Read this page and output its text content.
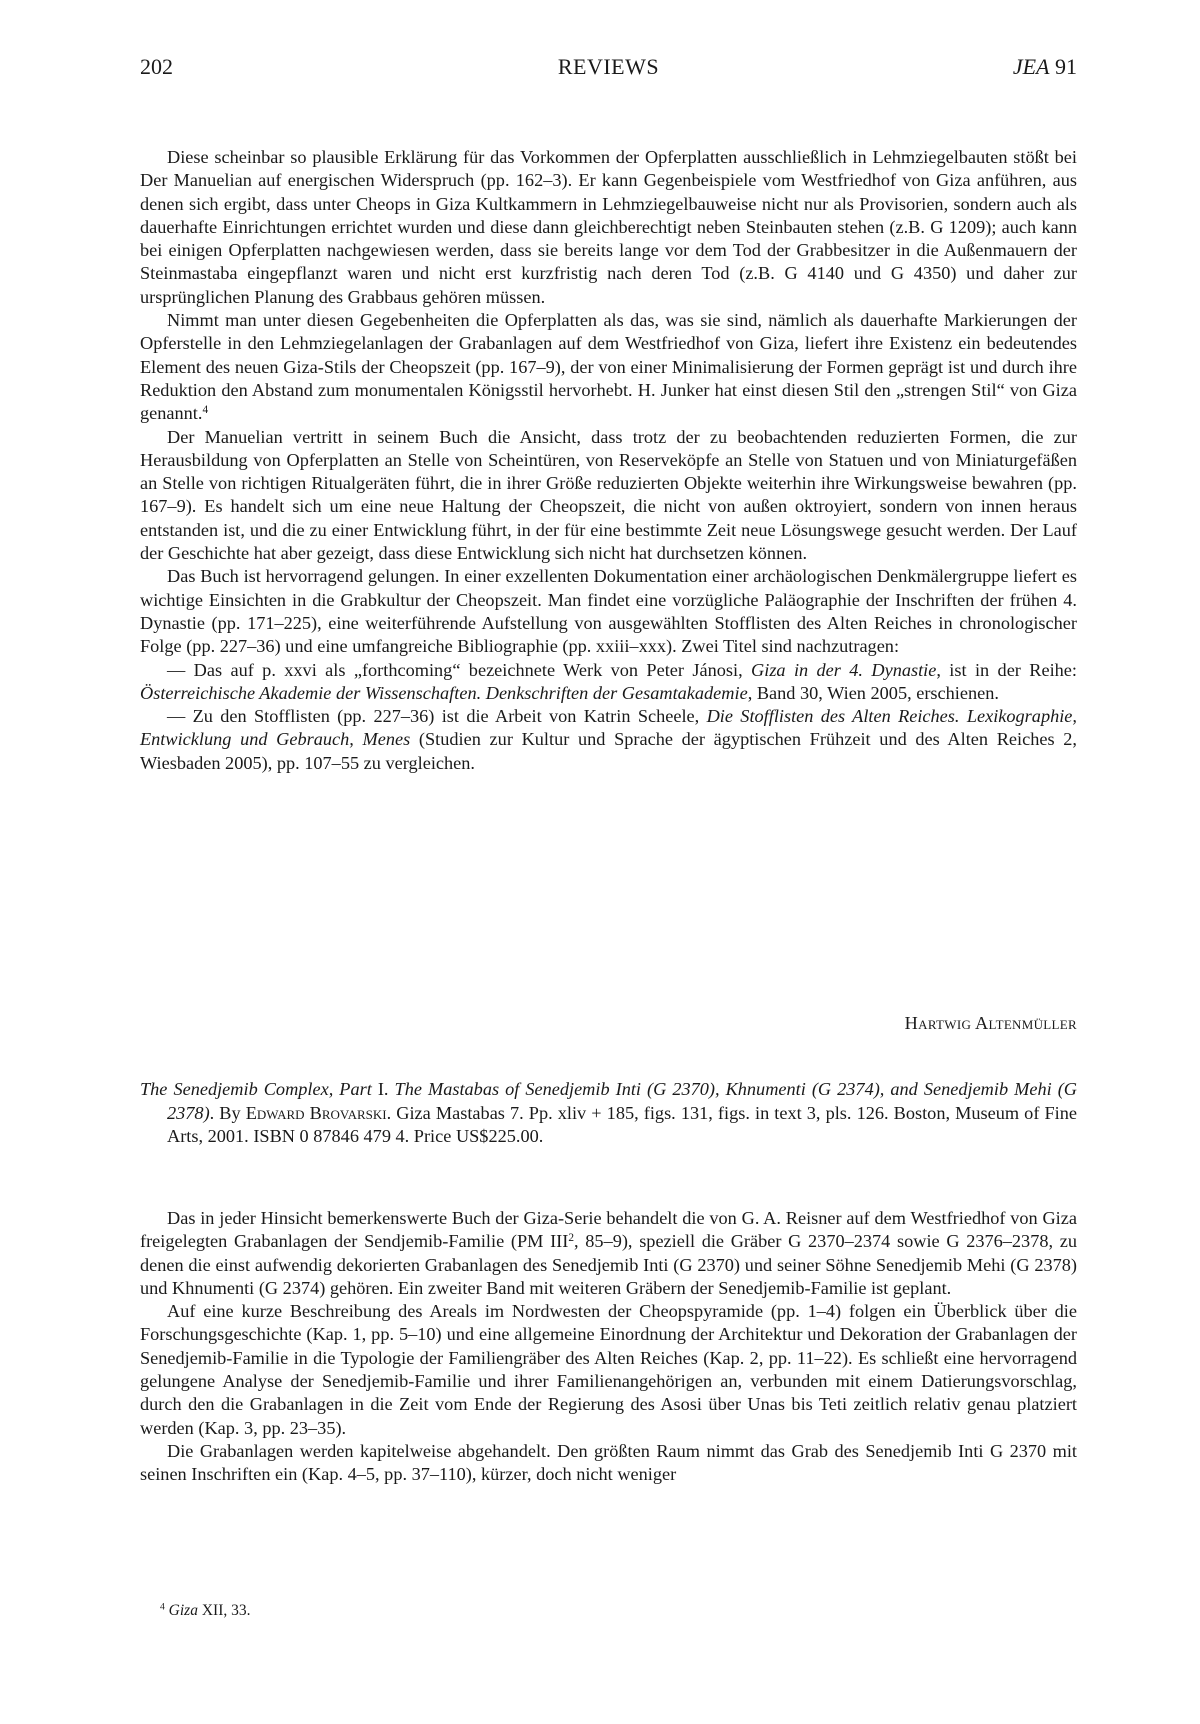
202	REVIEWS	JEA 91

Diese scheinbar so plausible Erklärung für das Vorkommen der Opferplatten ausschließlich in Lehmziegelbauten stößt bei Der Manuelian auf energischen Widerspruch (pp. 162–3). Er kann Gegenbeispiele vom Westfriedhof von Giza anführen, aus denen sich ergibt, dass unter Cheops in Giza Kultkammern in Lehmziegelbauweise nicht nur als Provisorien, sondern auch als dauerhafte Einrichtungen errichtet wurden und diese dann gleichberechtigt neben Steinbauten stehen (z.B. G 1209); auch kann bei einigen Opferplatten nachgewiesen werden, dass sie bereits lange vor dem Tod der Grabbesitzer in die Außenmauern der Steinmastaba eingepflanzt waren und nicht erst kurzfristig nach deren Tod (z.B. G 4140 und G 4350) und daher zur ursprünglichen Planung des Grabbaus gehören müssen.

Nimmt man unter diesen Gegebenheiten die Opferplatten als das, was sie sind, nämlich als dauerhafte Markierungen der Opferstelle in den Lehmziegelanlagen der Grabanlagen auf dem Westfriedhof von Giza, liefert ihre Existenz ein bedeutendes Element des neuen Giza-Stils der Cheopszeit (pp. 167–9), der von einer Minimalisierung der Formen geprägt ist und durch ihre Reduktion den Abstand zum monumentalen Königsstil hervorhebt. H. Junker hat einst diesen Stil den „strengen Stil“ von Giza genannt.$^4$

Der Manuelian vertritt in seinem Buch die Ansicht, dass trotz der zu beobachtenden reduzierten Formen, die zur Herausbildung von Opferplatten an Stelle von Scheintüren, von Reserveköpfe an Stelle von Statuen und von Miniaturgefäßen an Stelle von richtigen Ritualgeräten führt, die in ihrer Größe reduzierten Objekte weiterhin ihre Wirkungsweise bewahren (pp. 167–9). Es handelt sich um eine neue Haltung der Cheopszeit, die nicht von außen oktroyiert, sondern von innen heraus entstanden ist, und die zu einer Entwicklung führt, in der für eine bestimmte Zeit neue Lösungswege gesucht werden. Der Lauf der Geschichte hat aber gezeigt, dass diese Entwicklung sich nicht hat durchsetzen können.

Das Buch ist hervorragend gelungen. In einer exzellenten Dokumentation einer archäologischen Denkmälergruppe liefert es wichtige Einsichten in die Grabkultur der Cheopszeit. Man findet eine vorzügliche Paläographie der Inschriften der frühen 4. Dynastie (pp. 171–225), eine weiterführende Aufstellung von ausgewählten Stofflisten des Alten Reiches in chronologischer Folge (pp. 227–36) und eine umfangreiche Bibliographie (pp. xxiii–xxx). Zwei Titel sind nachzutragen:

— Das auf p. xxvi als „forthcoming“ bezeichnete Werk von Peter Jánosi, Giza in der 4. Dynastie, ist in der Reihe: Österreichische Akademie der Wissenschaften. Denkschriften der Gesamtakademie, Band 30, Wien 2005, erschienen.

— Zu den Stofflisten (pp. 227–36) ist die Arbeit von Katrin Scheele, Die Stofflisten des Alten Reiches. Lexikographie, Entwicklung und Gebrauch, Menes (Studien zur Kultur und Sprache der ägyptischen Frühzeit und des Alten Reiches 2, Wiesbaden 2005), pp. 107–55 zu vergleichen.

Hartwig Altenmüller
The Senedjemib Complex, Part I. The Mastabas of Senedjemib Inti (G 2370), Khnumenti (G 2374), and Senedjemib Mehi (G 2378). By Edward Brovarski. Giza Mastabas 7. Pp. xliv + 185, figs. 131, figs. in text 3, pls. 126. Boston, Museum of Fine Arts, 2001. ISBN 0 87846 479 4. Price US$225.00.

Das in jeder Hinsicht bemerkenswerte Buch der Giza-Serie behandelt die von G. A. Reisner auf dem Westfriedhof von Giza freigelegten Grabanlagen der Sendjemib-Familie (PM III$^2$, 85–9), speziell die Gräber G 2370–2374 sowie G 2376–2378, zu denen die einst aufwendig dekorierten Grabanlagen des Senedjemib Inti (G 2370) und seiner Söhne Senedjemib Mehi (G 2378) und Khnumenti (G 2374) gehören. Ein zweiter Band mit weiteren Gräbern der Senedjemib-Familie ist geplant.

Auf eine kurze Beschreibung des Areals im Nordwesten der Cheopspyramide (pp. 1–4) folgen ein Überblick über die Forschungsgeschichte (Kap. 1, pp. 5–10) und eine allgemeine Einordnung der Architektur und Dekoration der Grabanlagen der Senedjemib-Familie in die Typologie der Familiengräber des Alten Reiches (Kap. 2, pp. 11–22). Es schließt eine hervorragend gelungene Analyse der Senedjemib-Familie und ihrer Familienangehörigen an, verbunden mit einem Datierungsvorschlag, durch den die Grabanlagen in die Zeit vom Ende der Regierung des Asosi über Unas bis Teti zeitlich relativ genau platziert werden (Kap. 3, pp. 23–35).

Die Grabanlagen werden kapitelweise abgehandelt. Den größten Raum nimmt das Grab des Senedjemib Inti G 2370 mit seinen Inschriften ein (Kap. 4–5, pp. 37–110), kürzer, doch nicht weniger

$^4$ Giza XII, 33.
